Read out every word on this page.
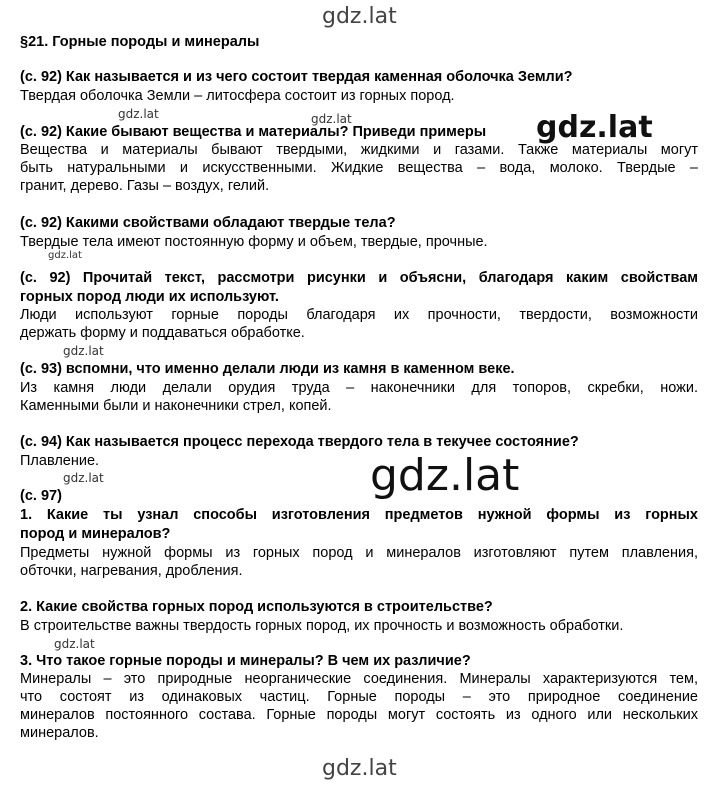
gdz.lat
§21. Горные породы и минералы
(с. 92) Как называется и из чего состоит твердая каменная оболочка Земли?
Твердая оболочка Земли – литосфера состоит из горных пород.
gdz.lat	gdz.lat
(с. 92) Какие бывают вещества и материалы? Приведи примеры gdz.lat
Вещества и материалы бывают твердыми, жидкими и газами. Также материалы могут
быть натуральными и искусственными. Жидкие вещества – вода, молоко. Твердые –
гранит, дерево. Газы – воздух, гелий.
(с. 92) Какими свойствами обладают твердые тела?
Твердые тела имеют постоянную форму и объем, твердые, прочные.
gdz.lat
(с. 92) Прочитай текст, рассмотри рисунки и объясни, благодаря каким свойствам
горных пород люди их используют.
Люди используют горные породы благодаря их прочности, твердости, возможности
держать форму и поддаваться обработке.
gdz.lat
(с. 93) вспомни, что именно делали люди из камня в каменном веке.
Из камня люди делали орудия труда – наконечники для топоров, скребки, ножи.
Каменными были и наконечники стрел, копей.
(с. 94) Как называется процесс перехода твердого тела в текучее состояние?
Плавление.	gdz.lat
gdz.lat
(с. 97)
1. Какие ты узнал способы изготовления предметов нужной формы из горных
пород и минералов?
Предметы нужной формы из горных пород и минералов изготовляют путем плавления,
обточки, нагревания, дробления.
2. Какие свойства горных пород используются в строительстве?
В строительстве важны твердость горных пород, их прочность и возможность обработки.
gdz.lat
3. Что такое горные породы и минералы? В чем их различие?
Минералы – это природные неорганические соединения. Минералы характеризуются тем,
что состоят из одинаковых частиц. Горные породы – это природное соединение
минералов постоянного состава. Горные породы могут состоять из одного или нескольких
минералов.
gdz.lat
